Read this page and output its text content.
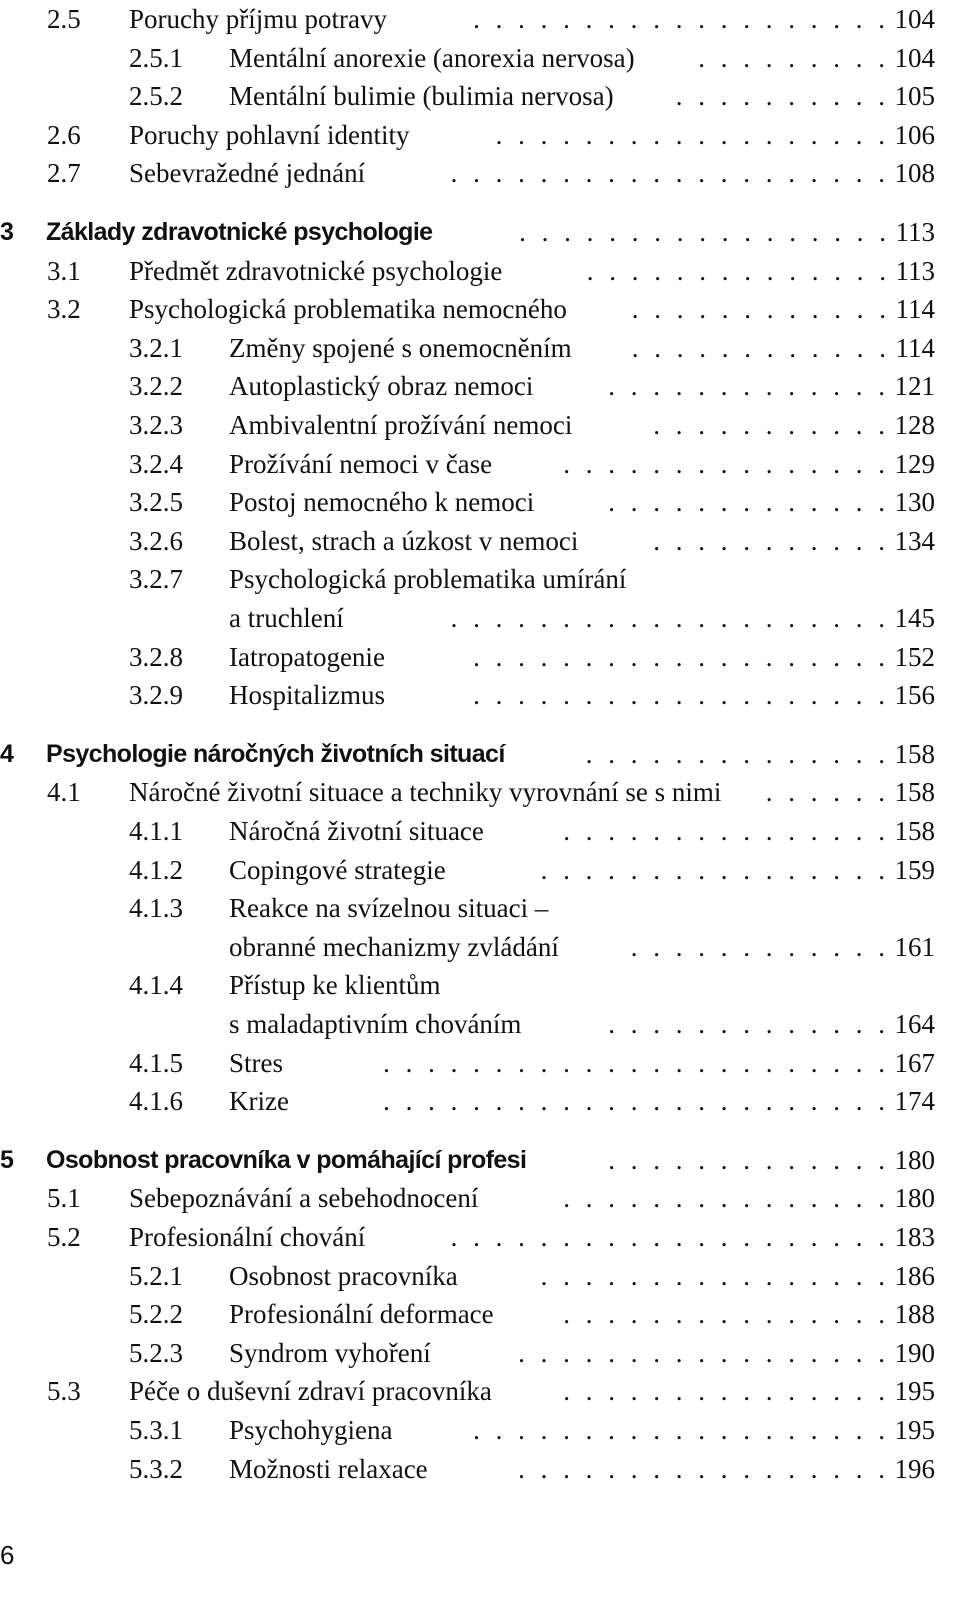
2.5 Poruchy příjmu potravy	.  .  .  .  .  .  .  .  .  .  .  .  .  .  .  .  .  .  . 104
2.5.1 Mentální anorexie (anorexia nervosa)	.  .  .  .  .  .  .  .  . 104
2.5.2 Mentální bulimie (bulimia nervosa)	.  .  .  .  .  .  .  .  .  . 105
2.6 Poruchy pohlavní identity	.  .  .  .  .  .  .  .  .  .  .  .  .  .  .  .  .  . 106
2.7 Sebevražedné jednání	.  .  .  .  .  .  .  .  .  .  .  .  .  .  .  .  .  .  .  . 108
3 Základy zdravotnické psychologie	.  .  .  .  .  .  .  .  .  .  .  .  .  .  .  .  . 113
3.1 Předmět zdravotnické psychologie	.  .  .  .  .  .  .  .  .  .  .  .  .  . 113
3.2 Psychologická problematika nemocného	.  .  .  .  .  .  .  .  .  .  .  . 114
3.2.1 Změny spojené s onemocněním	.  .  .  .  .  .  .  .  .  .  .  . 114
3.2.2 Autoplastický obraz nemoci	.  .  .  .  .  .  .  .  .  .  .  .  . 121
3.2.3 Ambivalentní prožívání nemoci	.  .  .  .  .  .  .  .  .  .  . 128
3.2.4 Prožívání nemoci v čase	.  .  .  .  .  .  .  .  .  .  .  .  .  .  . 129
3.2.5 Postoj nemocného k nemoci	.  .  .  .  .  .  .  .  .  .  .  .  . 130
3.2.6 Bolest, strach a úzkost v nemoci	.  .  .  .  .  .  .  .  .  .  . 134
3.2.7 Psychologická problematika umírání
a truchlení	.  .  .  .  .  .  .  .  .  .  .  .  .  .  .  .  .  .  .  . 145
3.2.8 Iatropatogenie	.  .  .  .  .  .  .  .  .  .  .  .  .  .  .  .  .  .  . 152
3.2.9 Hospitalizmus	.  .  .  .  .  .  .  .  .  .  .  .  .  .  .  .  .  .  . 156
4 Psychologie náročných životních situací	.  .  .  .  .  .  .  .  .  .  .  .  .  . 158
4.1 Náročné životní situace a techniky vyrovnání se s nimi	.  .  .  .  .  . 158
4.1.1 Náročná životní situace	.  .  .  .  .  .  .  .  .  .  .  .  .  .  . 158
4.1.2 Copingové strategie	.  .  .  .  .  .  .  .  .  .  .  .  .  .  .  . 159
4.1.3 Reakce na svízelnou situaci –
obranné mechanizmy zvládání	.  .  .  .  .  .  .  .  .  .  .  . 161
4.1.4 Přístup ke klientům
s maladaptivním chováním	.  .  .  .  .  .  .  .  .  .  .  .  . 164
4.1.5 Stres	.  .  .  .  .  .  .  .  .  .  .  .  .  .  .  .  .  .  .  .  .  .  . 167
4.1.6 Krize	.  .  .  .  .  .  .  .  .  .  .  .  .  .  .  .  .  .  .  .  .  .  . 174
5 Osobnost pracovníka v pomáhající profesi	.  .  .  .  .  .  .  .  .  .  .  .  . 180
5.1 Sebepoznávání a sebehodnocení	.  .  .  .  .  .  .  .  .  .  .  .  .  .  . 180
5.2 Profesionální chování	.  .  .  .  .  .  .  .  .  .  .  .  .  .  .  .  .  .  .  . 183
5.2.1 Osobnost pracovníka	.  .  .  .  .  .  .  .  .  .  .  .  .  .  .  . 186
5.2.2 Profesionální deformace	.  .  .  .  .  .  .  .  .  .  .  .  .  .  . 188
5.2.3 Syndrom vyhoření	.  .  .  .  .  .  .  .  .  .  .  .  .  .  .  .  . 190
5.3 Péče o duševní zdraví pracovníka	.  .  .  .  .  .  .  .  .  .  .  .  .  .  . 195
5.3.1 Psychohygiena	.  .  .  .  .  .  .  .  .  .  .  .  .  .  .  .  .  .  . 195
5.3.2 Možnosti relaxace	.  .  .  .  .  .  .  .  .  .  .  .  .  .  .  .  . 196
6
